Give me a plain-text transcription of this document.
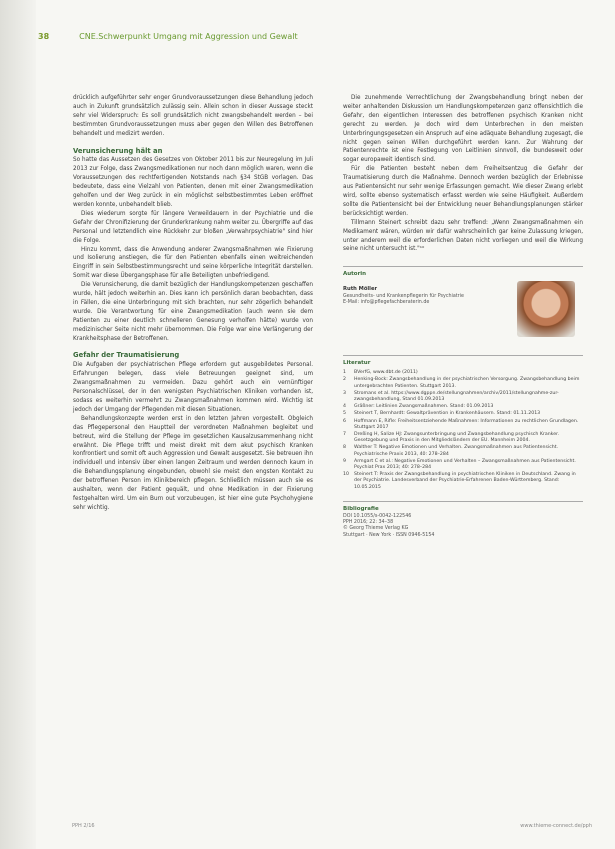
38	CNE.Schwerpunkt Umgang mit Aggression und Gewalt

drücklich aufgeführter sehr enger Grundvoraussetzungen diese Behandlung jedoch auch in Zukunft grundsätzlich zulässig sein. Allein schon in dieser Aussage steckt sehr viel Widerspruch: Es soll grundsätzlich nicht zwangsbehandelt werden – bei bestimmten Grundvoraussetzungen muss aber gegen den Willen des Betroffenen behandelt und medizirt werden.

Verunsicherung hält an

So hatte das Aussetzen des Gesetzes von Oktober 2011 bis zur Neuregelung im Juli 2013 zur Folge, dass Zwangsmedikationen nur noch dann möglich waren, wenn die Voraussetzungen des rechtfertigenden Notstands nach §34 StGB vorlagen. Das bedeutete, dass eine Vielzahl von Patienten, denen mit einer Zwangsmedikation geholfen und der Weg zurück in ein möglichst selbstbestimmtes Leben eröffnet werden konnte, unbehandelt blieb.

Dies wiederum sorgte für längere Verweildauern in der Psychiatrie und die Gefahr der Chronifizierung der Grunderkrankung nahm weiter zu. Übergriffe auf das Personal und letztendlich eine Rückkehr zur bloßen „Verwahrpsychiatrie" sind hier die Folge.

Hinzu kommt, dass die Anwendung anderer Zwangsmaßnahmen wie Fixierung und Isolierung anstiegen, die für den Patienten ebenfalls einen weitreichenden Eingriff in sein Selbstbestimmungsrecht und seine körperliche Integrität darstellen. Somit war diese Übergangsphase für alle Beteiligten unbefriedigend.

Die Verunsicherung, die damit bezüglich der Handlungskompetenzen geschaffen wurde, hält jedoch weiterhin an. Dies kann ich persönlich daran beobachten, dass in Fällen, die eine Unterbringung mit sich brachten, nur sehr zögerlich behandelt wurde. Die Verantwortung für eine Zwangsmedikation (auch wenn sie dem Patienten zu einer deutlich schnelleren Genesung verholfen hätte) wurde von medizinischer Seite nicht mehr übernommen. Die Folge war eine Verlängerung der Krankheitsphase der Betroffenen.

Gefahr der Traumatisierung

Die Aufgaben der psychiatrischen Pflege erfordern gut ausgebildetes Personal. Erfahrungen belegen, dass viele Betreuungen geeignet sind, um Zwangsmaßnahmen zu vermeiden. Dazu gehört auch ein vernünftiger Personalschlüssel, der in den wenigsten Psychiatrischen Kliniken vorhanden ist, sodass es weiterhin vermehrt zu Zwangsmaßnahmen kommen wird. Wichtig ist jedoch der Umgang der Pflegenden mit diesen Situationen.

Behandlungskonzepte werden erst in den letzten Jahren vorgestellt. Obgleich das Pflegepersonal den Hauptteil der verordneten Maßnahmen begleitet und betreut, wird die Stellung der Pflege im gesetzlichen Kausalzusammenhang nicht erwähnt. Die Pflege trifft und meist direkt mit dem akut psychisch Kranken konfrontiert und somit oft auch Aggression und Gewalt ausgesetzt. Sie betreuen ihn individuell und intensiv über einen langen Zeitraum und werden dennoch kaum in die Behandlungsplanung eingebunden, obwohl sie meist den engsten Kontakt zu der betroffenen Person im Klinikbereich pflegen. Schließlich müssen auch sie es aushalten, wenn der Patient gequält, und ohne Medikation in der Fixierung festgehalten wird. Um ein Burn out vorzubeugen, ist hier eine gute Psychohygiene sehr wichtig.

Die zunehmende Verrechtlichung der Zwangsbehandlung bringt neben der weiter anhaltenden Diskussion um Handlungskompetenzen ganz offensichtlich die Gefahr, den eigentlichen Interessen des betroffenen psychisch Kranken nicht gerecht zu werden. Je doch wird dem Unterbrechen in den meisten Unterbringungsgesetzen ein Anspruch auf eine adäquate Behandlung zugesagt, die nicht gegen seinen Willen durchgeführt werden kann. Zur Wahrung der Patientenrechte ist eine Festlegung von Leitlinien sinnvoll, die bundesweit oder sogar europaweit identisch sind.

Für die Patienten besteht neben dem Freiheitsentzug die Gefahr der Traumatisierung durch die Maßnahme. Dennoch werden bezüglich der Erlebnisse aus Patientensicht nur sehr wenige Erfassungen gemacht. Wie dieser Zwang erlebt wird, sollte ebenso systematisch erfasst werden wie seine Häufigkeit. Außerdem sollte die Patientensicht bei der Entwicklung neuer Behandlungsplanungen stärker berücksichtigt werden.

Tillmann Steinert schreibt dazu sehr treffend: „Wenn Zwangsmaßnahmen ein Medikament wären, würden wir dafür wahrscheinlich gar keine Zulassung kriegen, unter anderem weil die erforderlichen Daten nicht vorliegen und weil die Wirkung seine nicht untersucht ist."¹⁰

Autorin
Ruth Möller
Gesundheits- und Krankenpflegerin für Psychiatrie
E-Mail: info@pflegefachberaterin.de
Literatur
1	BVerfG, www.dbt.de (2011)
2	Henking-Bock: Zwangsbehandlung in der psychiatrischen Versorgung. Zwangsbehandlung beim untergebrachten Patienten. Stuttgart 2013.
3	Stromans et al. https://www.dgppn.de/stellungnahmen/archiv/2011/stellungnahme-zur-zwangsbehandlung, Stand 01.09.2013
4	Gräßner: Leitlinien Zwangsmaßnahmen. Stand: 01.09.2013
5	Steinert T, Bernhardt: Gewaltprävention in Krankenhäusern. Stand: 01.11.2013
6	Hoffmann E, Rifle: Freiheitsentziehende Maßnahmen: Informationen zu rechtlichen Grundlagen. Stuttgart 2017
7	Dreßing H, Salize HJ: Zwangsunterbringung und Zwangsbehandlung psychisch Kranker. Gesetzgebung und Praxis in den Mitgliedsländern der EU. Mannheim 2004.
8	Walther T: Negative Emotionen und Verhalten. Zwangsmaßnahmen aus Patientensicht. Psychiatrische Praxis 2013, 40: 278–284
9	Armgart C et al.: Negative Emotionen und Verhalten – Zwangsmaßnahmen aus Patientensicht. Psychiat Prax 2013; 40: 278–284
10	Steinert T: Praxis der Zwangsbehandlung in psychiatrischen Kliniken in Deutschland. Zwang in der Psychiatrie. Landesverband der Psychiatrie-Erfahrenen Baden-Württemberg. Stand: 10.05.2015
Bibliografie
DOI 10.1055/s-0042-122546
PPH 2016; 22: 34–38
© Georg Thieme Verlag KG
Stuttgart · New York · ISSN 0946-5154
PPH 2/16	www.thieme-connect.de/pph
